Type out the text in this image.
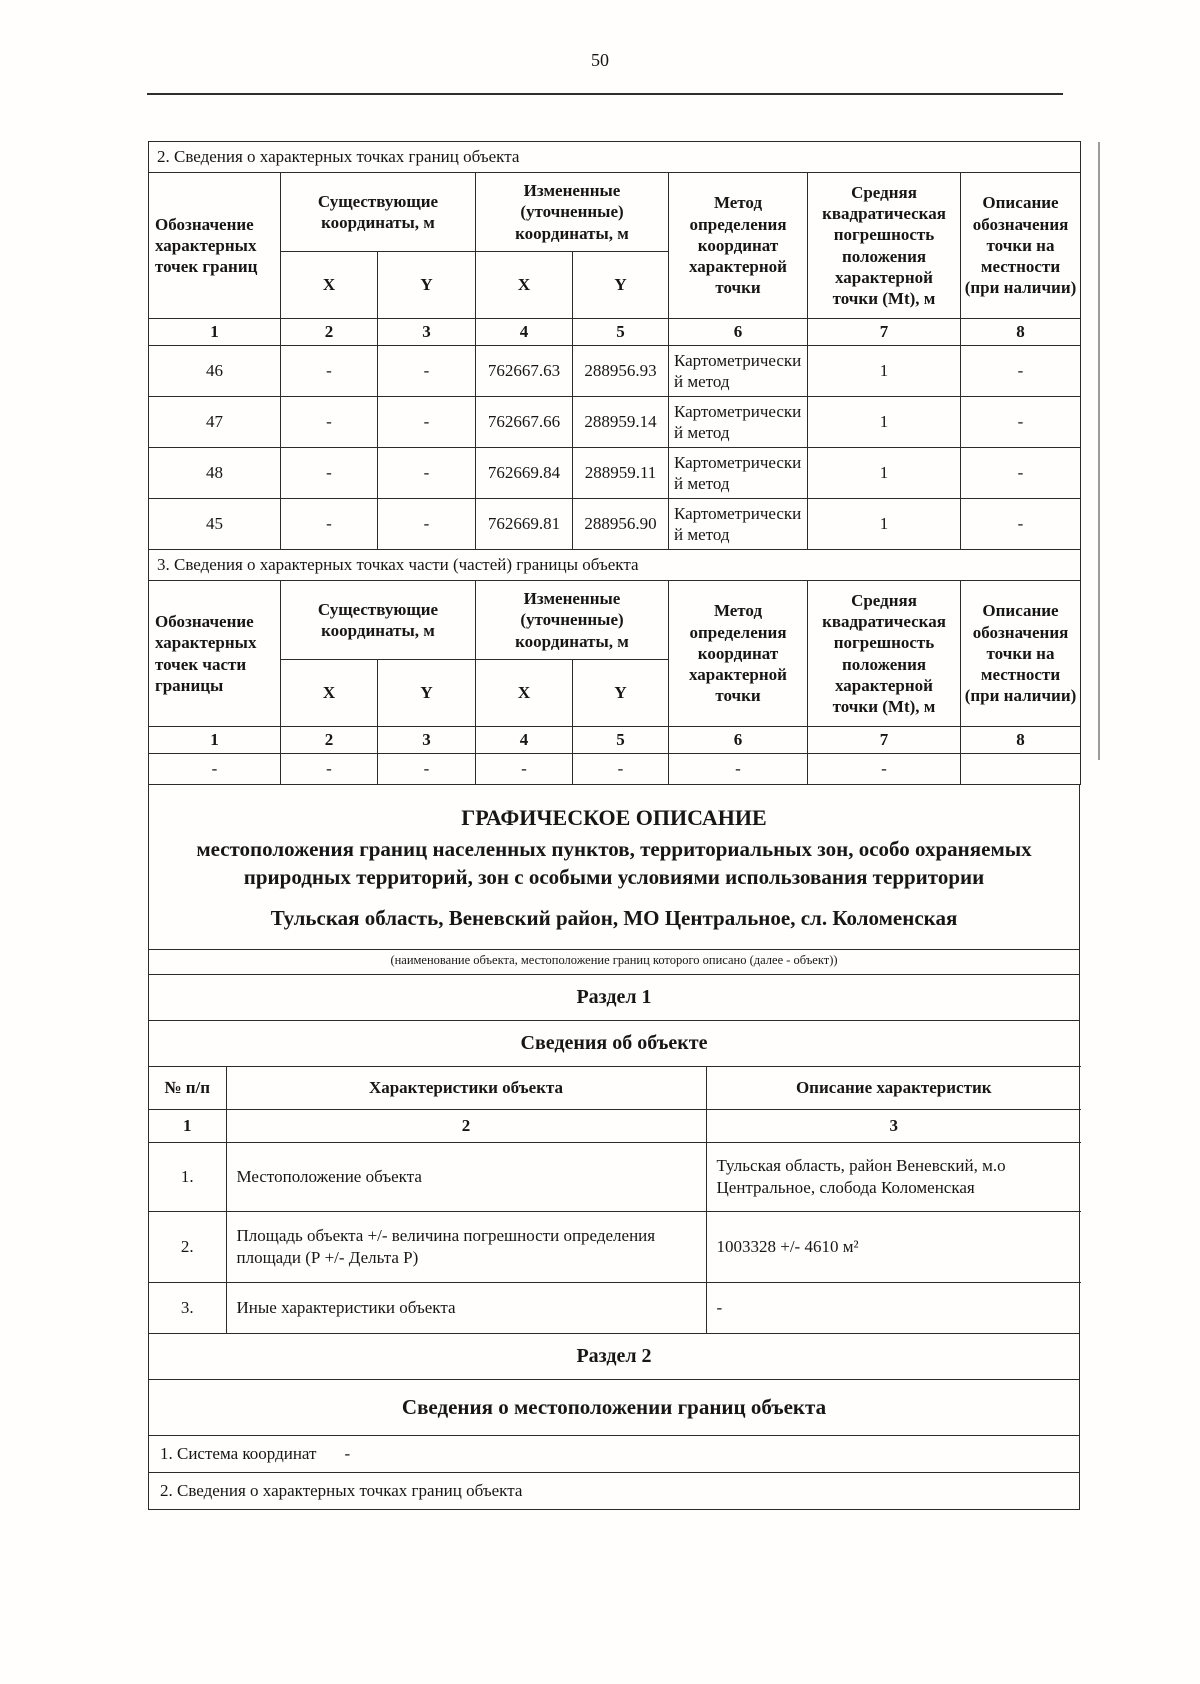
50
2. Сведения о характерных точках границ объекта							
Обозначение характерных точек границ	Существующие координаты, м		Измененные (уточненные) координаты, м		Метод определения координат характерной точки	Средняя квадратическая погрешность положения характерной точки (Mt), м	Описание обозначения точки на местности (при наличии)
	X	Y	X	Y			
1	2	3	4	5	6	7	8
46	-	-	762667.63	288956.93	Картометрический метод	1	-
47	-	-	762667.66	288959.14	Картометрический метод	1	-
48	-	-	762669.84	288959.11	Картометрический метод	1	-
45	-	-	762669.81	288956.90	Картометрический метод	1	-
3. Сведения о характерных точках части (частей) границы объекта							
Обозначение характерных точек части границы	Существующие координаты, м		Измененные (уточненные) координаты, м		Метод определения координат характерной точки	Средняя квадратическая погрешность положения характерной точки (Mt), м	Описание обозначения точки на местности (при наличии)
	X	Y	X	Y			
1	2	3	4	5	6	7	8
-	-	-	-	-	-	-	
ГРАФИЧЕСКОЕ ОПИСАНИЕ
местоположения границ населенных пунктов, территориальных зон, особо охраняемых природных территорий, зон с особыми условиями использования территории
Тульская область, Веневский район, МО Центральное, сл. Коломенская
(наименование объекта, местоположение границ которого описано (далее - объект))
Раздел 1
Сведения об объекте
№ п/п	Характеристики объекта	Описание характеристик
1	2	3
1.	Местоположение объекта	Тульская область, район Веневский, м.о Центральное, слобода Коломенская
2.	Площадь объекта +/- величина погрешности определения площади (Р +/- Дельта Р)	1003328 +/- 4610 м²
3.	Иные характеристики объекта	-
Раздел 2
Сведения о местоположении границ объекта
1. Система координат -
2. Сведения о характерных точках границ объекта
